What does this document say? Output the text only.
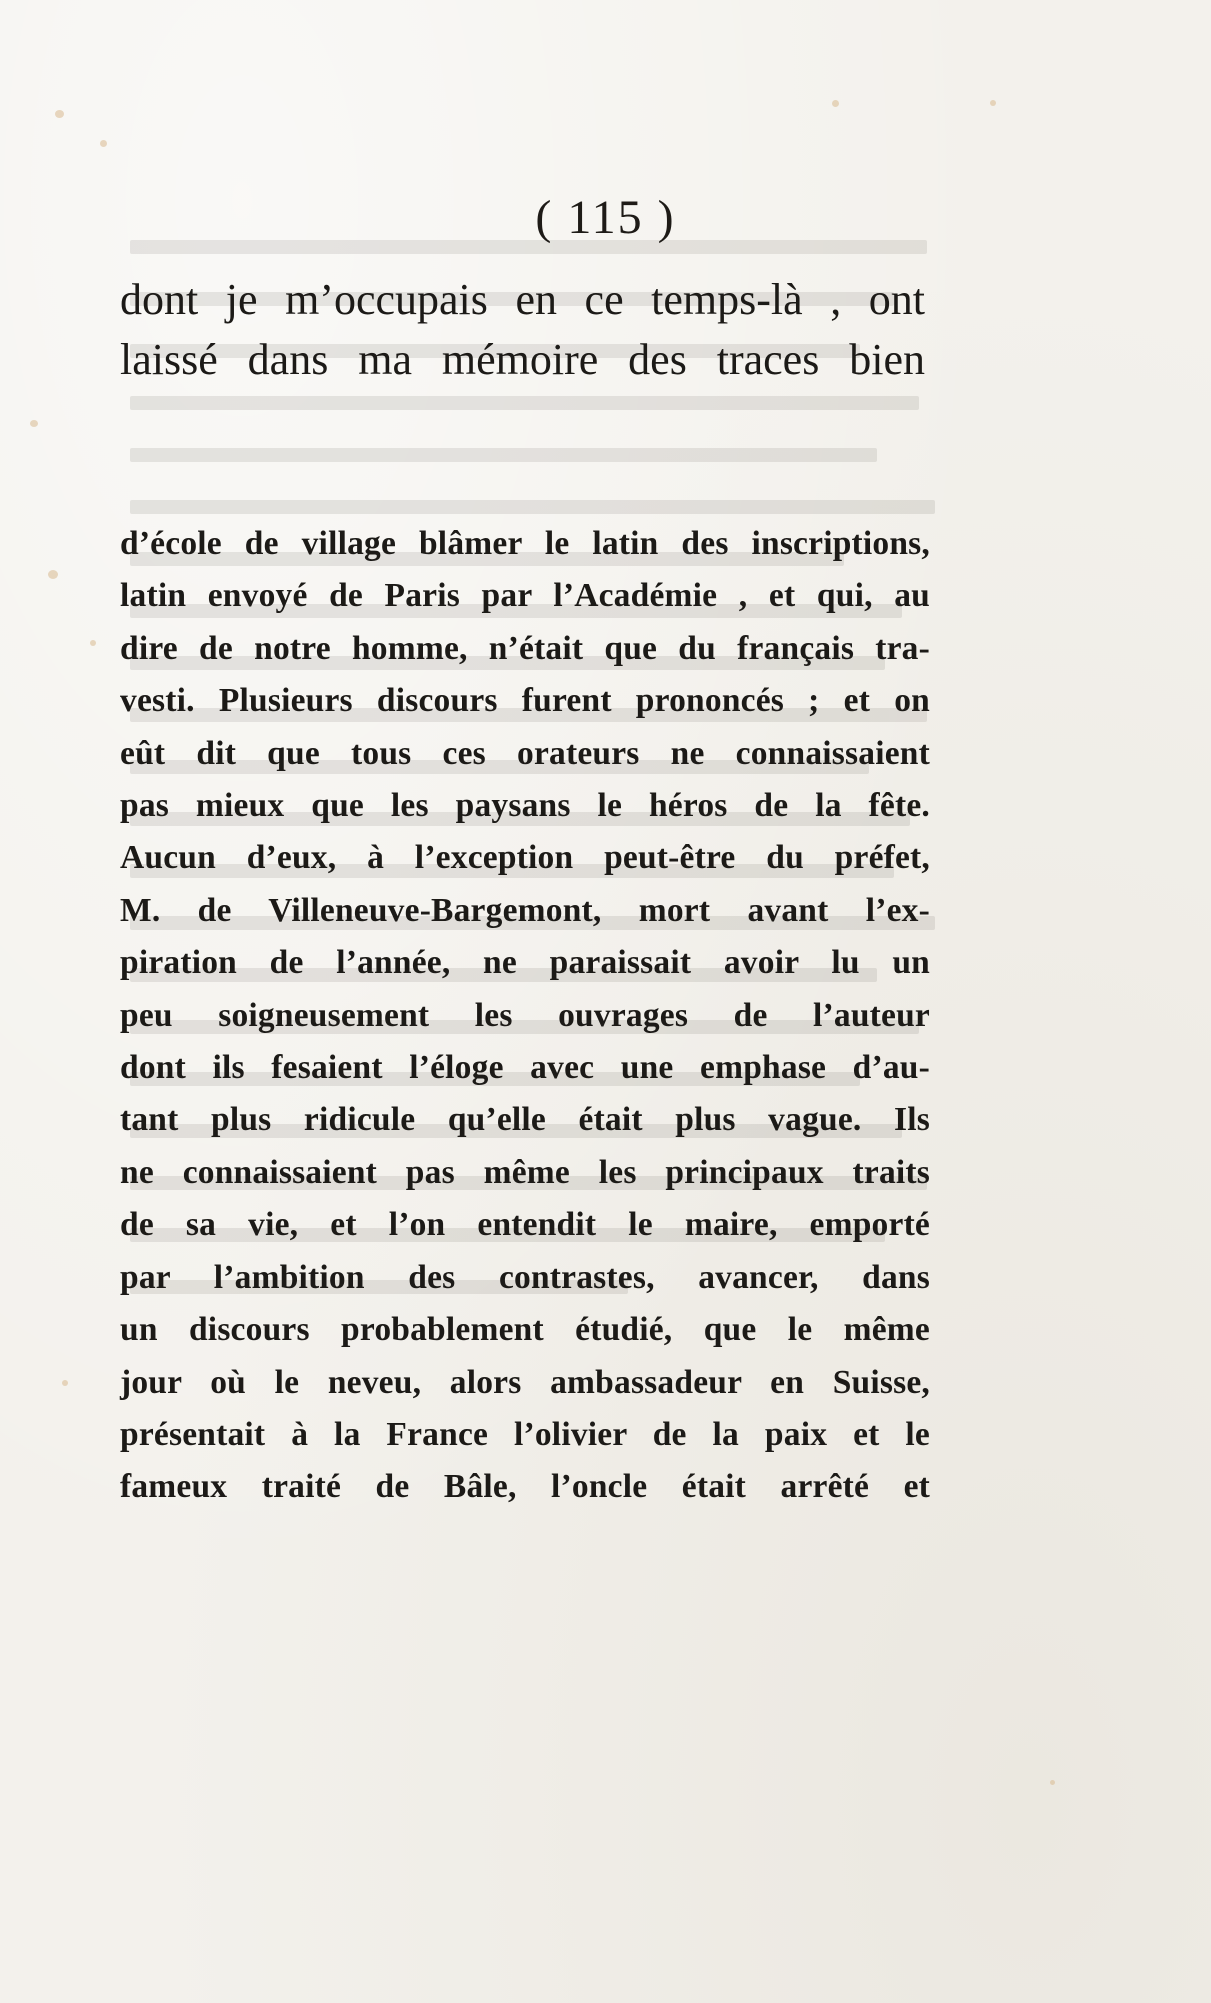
( 115 )
dont je m’occupais en ce temps-là , ont
laissé dans ma mémoire des traces bien
d’école de village blâmer le latin des inscriptions,
latin envoyé de Paris par l’Académie , et qui, au
dire de notre homme, n’était que du français tra-
vesti. Plusieurs discours furent prononcés ; et on
eût dit que tous ces orateurs ne connaissaient
pas mieux que les paysans le héros de la fête.
Aucun d’eux, à l’exception peut-être du préfet,
M. de Villeneuve-Bargemont, mort avant l’ex-
piration de l’année, ne paraissait avoir lu un
peu soigneusement les ouvrages de l’auteur
dont ils fesaient l’éloge avec une emphase d’au-
tant plus ridicule qu’elle était plus vague. Ils
ne connaissaient pas même les principaux traits
de sa vie, et l’on entendit le maire, emporté
par l’ambition des contrastes, avancer, dans
un discours probablement étudié, que le même
jour où le neveu, alors ambassadeur en Suisse,
présentait à la France l’olivier de la paix et le
fameux traité de Bâle, l’oncle était arrêté et
